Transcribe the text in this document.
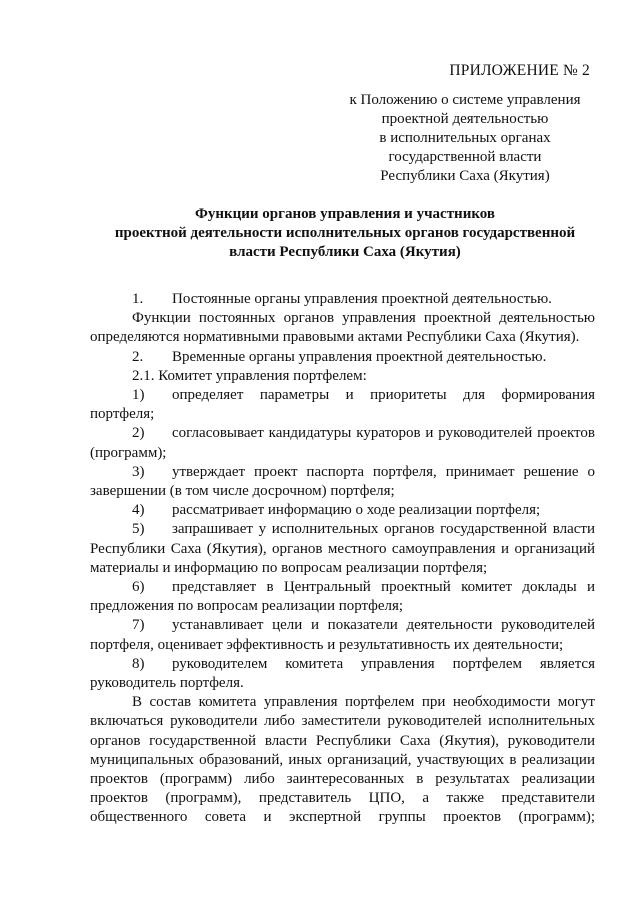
ПРИЛОЖЕНИЕ № 2
к Положению о системе управления
проектной деятельностью
в исполнительных органах
государственной власти
Республики Саха (Якутия)
Функции органов управления и участников
проектной деятельности исполнительных органов государственной
власти Республики Саха (Якутия)

1. Постоянные органы управления проектной деятельностью.

Функции постоянных органов управления проектной деятельностью определяются нормативными правовыми актами Республики Саха (Якутия).

2. Временные органы управления проектной деятельностью.

2.1. Комитет управления портфелем:

1) определяет параметры и приоритеты для формирования портфеля;

2) согласовывает кандидатуры кураторов и руководителей проектов (программ);

3) утверждает проект паспорта портфеля, принимает решение о завершении (в том числе досрочном) портфеля;

4) рассматривает информацию о ходе реализации портфеля;

5) запрашивает у исполнительных органов государственной власти Республики Саха (Якутия), органов местного самоуправления и организаций материалы и информацию по вопросам реализации портфеля;

6) представляет в Центральный проектный комитет доклады и предложения по вопросам реализации портфеля;

7) устанавливает цели и показатели деятельности руководителей портфеля, оценивает эффективность и результативность их деятельности;

8) руководителем комитета управления портфелем является руководитель портфеля.

В состав комитета управления портфелем при необходимости могут включаться руководители либо заместители руководителей исполнительных органов государственной власти Республики Саха (Якутия), руководители муниципальных образований, иных организаций, участвующих в реализации проектов (программ) либо заинтересованных в результатах реализации проектов (программ), представитель ЦПО, а также представители общественного совета и экспертной группы проектов (программ);
